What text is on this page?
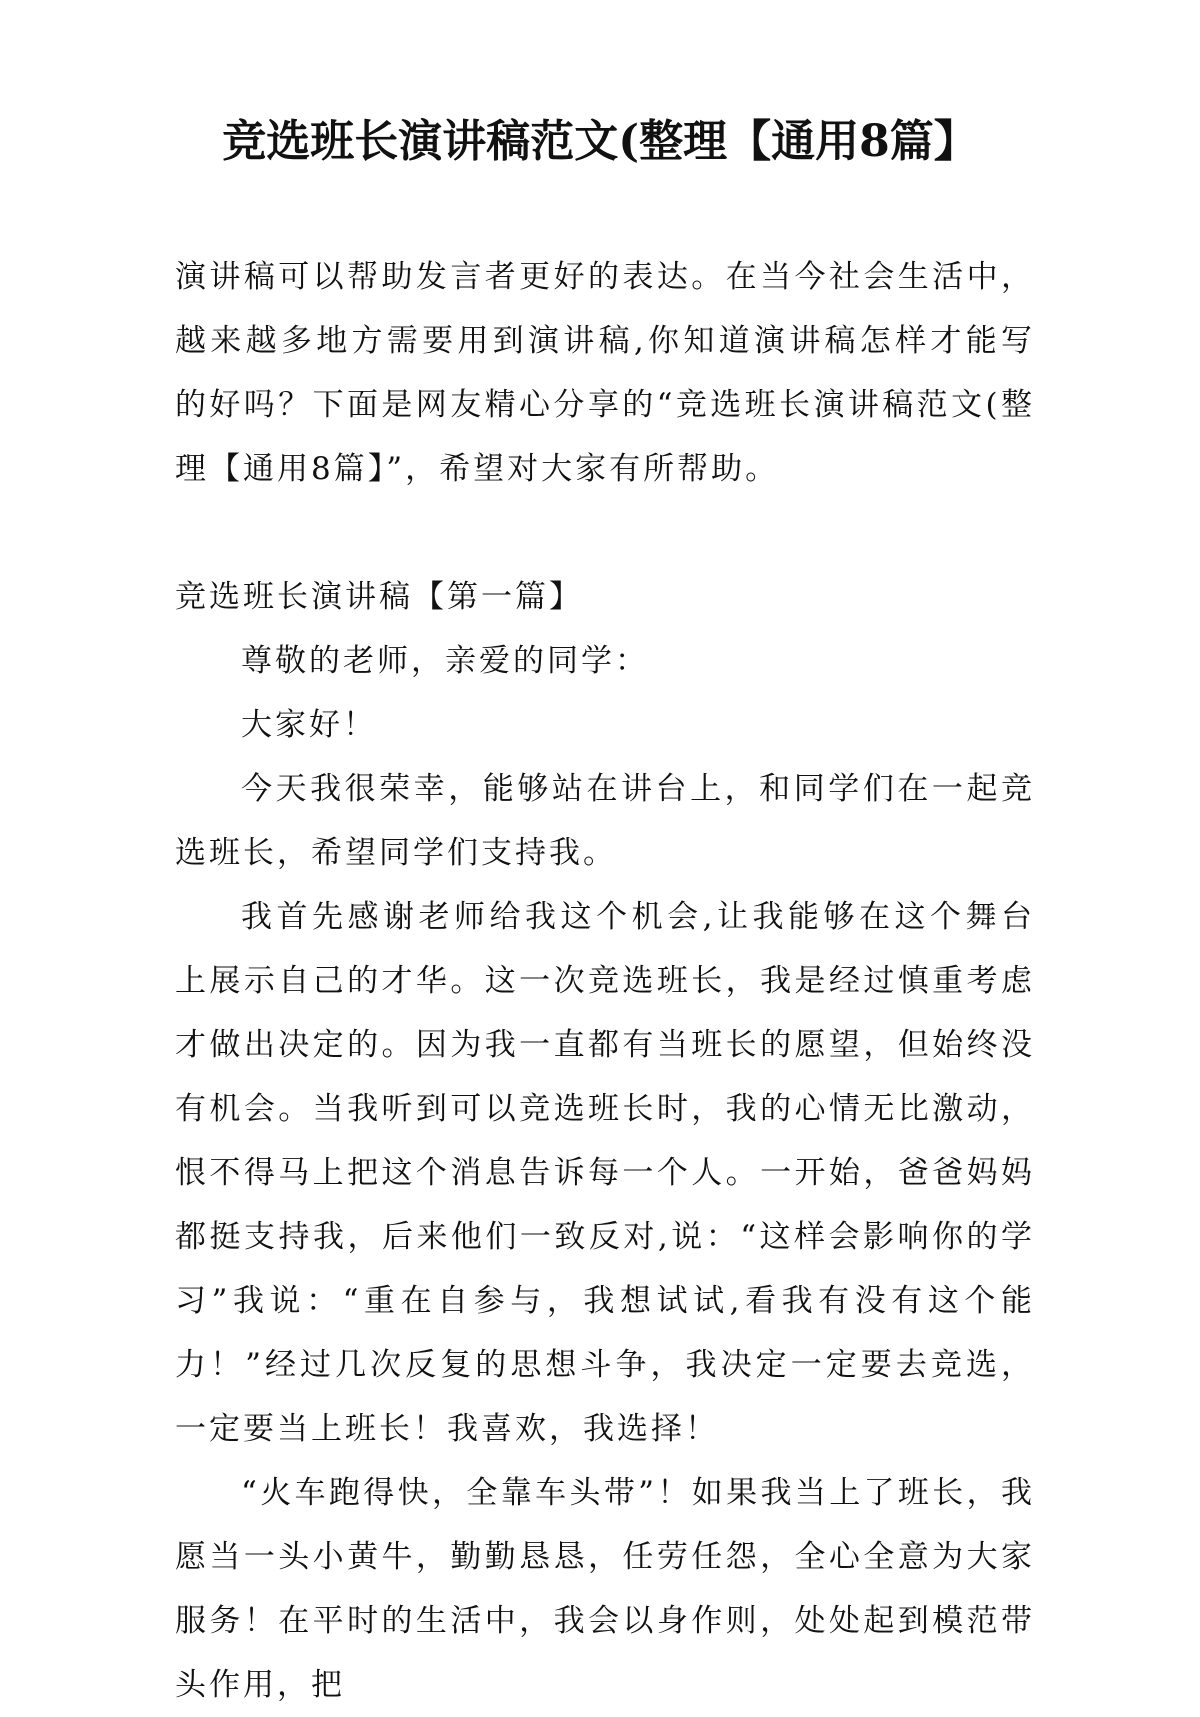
竞选班长演讲稿范文(整理【通用8篇】

演讲稿可以帮助发言者更好的表达。在当今社会生活中，越来越多地方需要用到演讲稿,你知道演讲稿怎样才能写的好吗？下面是网友精心分享的“竞选班长演讲稿范文(整理【通用8篇】”，希望对大家有所帮助。

竞选班长演讲稿【第一篇】

尊敬的老师，亲爱的同学：

大家好！

今天我很荣幸，能够站在讲台上，和同学们在一起竞选班长，希望同学们支持我。

我首先感谢老师给我这个机会,让我能够在这个舞台上展示自己的才华。这一次竞选班长，我是经过慎重考虑才做出决定的。因为我一直都有当班长的愿望，但始终没有机会。当我听到可以竞选班长时，我的心情无比激动，恨不得马上把这个消息告诉每一个人。一开始，爸爸妈妈都挺支持我，后来他们一致反对,说：“这样会影响你的学习”我说：“重在自参与，我想试试,看我有没有这个能力！”经过几次反复的思想斗争，我决定一定要去竞选，一定要当上班长！我喜欢，我选择！

“火车跑得快，全靠车头带”！如果我当上了班长，我愿当一头小黄牛，勤勤恳恳，任劳任怨，全心全意为大家服务！在平时的生活中，我会以身作则，处处起到模范带头作用，把
